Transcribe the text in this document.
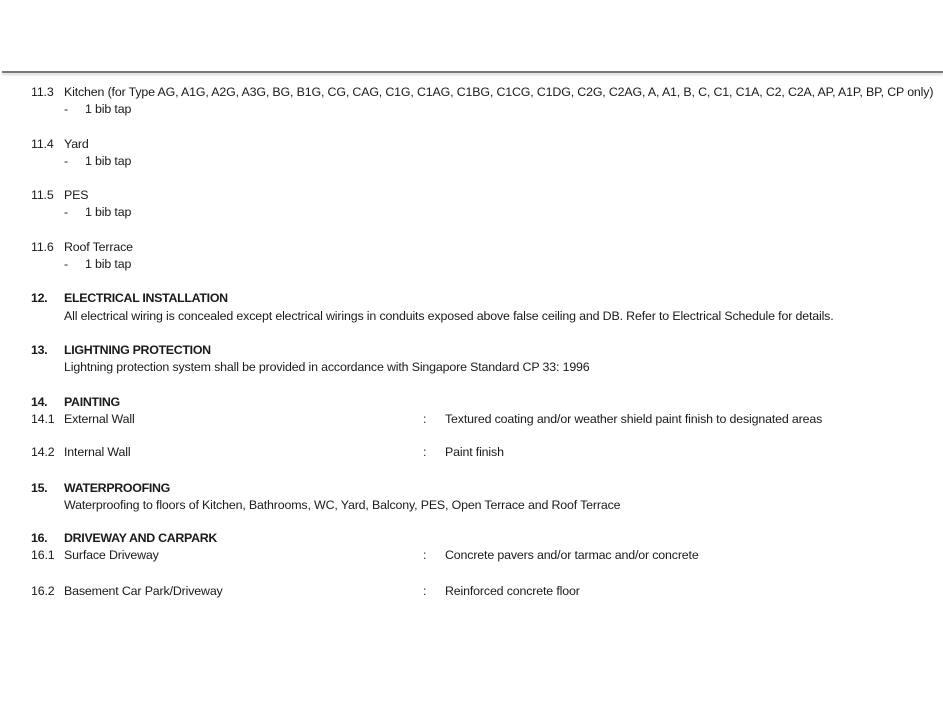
11.3 Kitchen (for Type AG, A1G, A2G, A3G, BG, B1G, CG, CAG, C1G, C1AG, C1BG, C1CG, C1DG, C2G, C2AG, A, A1, B, C, C1, C1A, C2, C2A, AP, A1P, BP, CP only)
- 1 bib tap
11.4 Yard
- 1 bib tap
11.5 PES
- 1 bib tap
11.6 Roof Terrace
- 1 bib tap
12. ELECTRICAL INSTALLATION
All electrical wiring is concealed except electrical wirings in conduits exposed above false ceiling and DB. Refer to Electrical Schedule for details.
13. LIGHTNING PROTECTION
Lightning protection system shall be provided in accordance with Singapore Standard CP 33: 1996
14. PAINTING
14.1 External Wall	: Textured coating and/or weather shield paint finish to designated areas
14.2 Internal Wall	: Paint finish
15. WATERPROOFING
Waterproofing to floors of Kitchen, Bathrooms, WC, Yard, Balcony, PES, Open Terrace and Roof Terrace
16. DRIVEWAY AND CARPARK
16.1 Surface Driveway	: Concrete pavers and/or tarmac and/or concrete
16.2 Basement Car Park/Driveway	: Reinforced concrete floor
